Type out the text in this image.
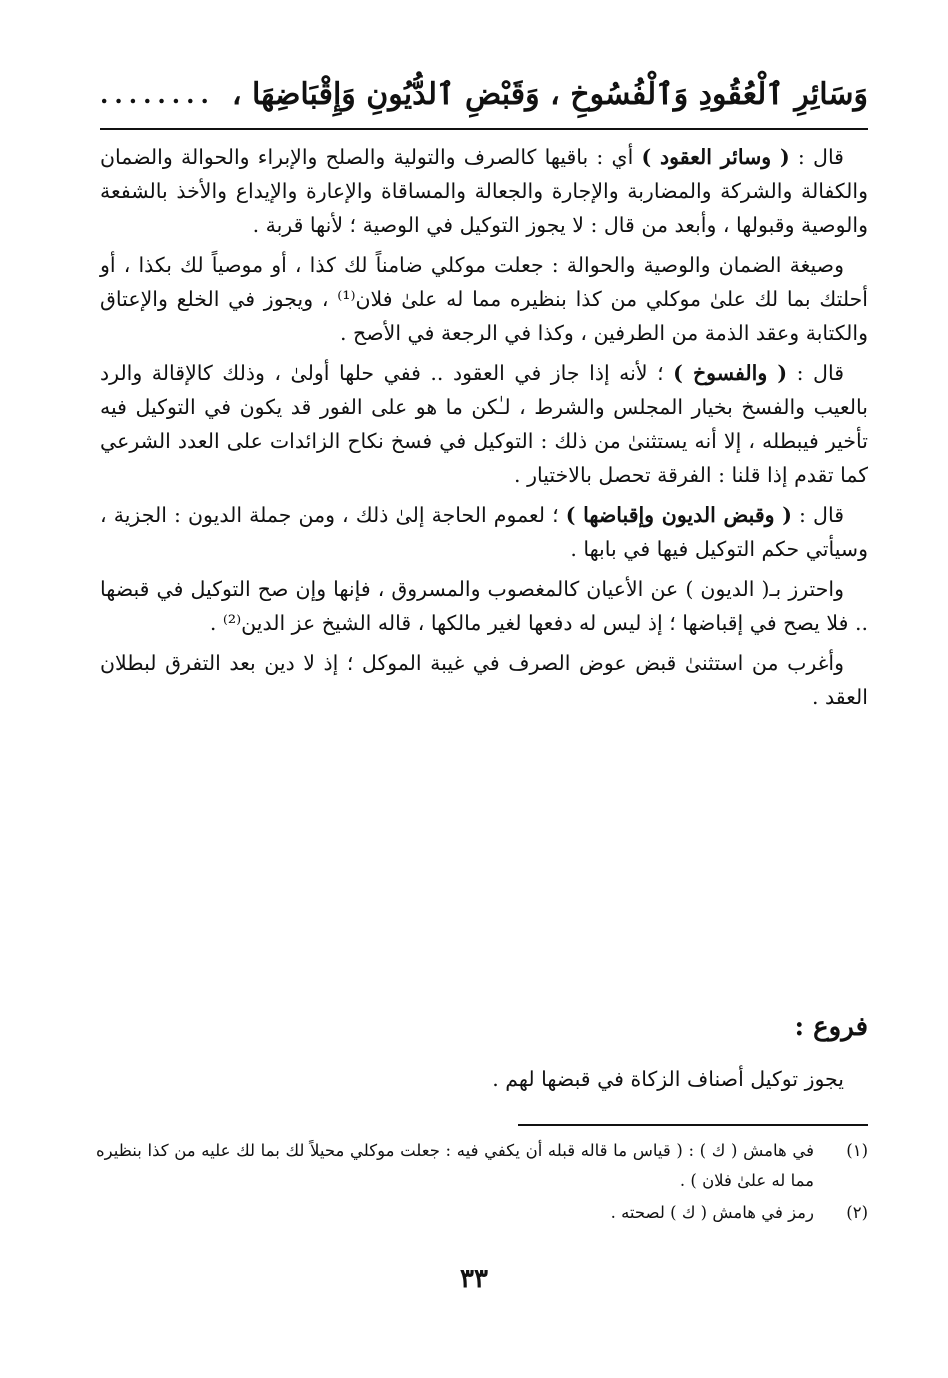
وَسَائِرِ ٱلْعُقُودِ وَٱلْفُسُوخِ ، وَقَبْضِ ٱلدُّيُونِ وَإِقْبَاضِهَا ،
........

قال : ( وسائر العقود ) أي : باقيها كالصرف والتولية والصلح والإبراء والحوالة والضمان والكفالة والشركة والمضاربة والإجارة والجعالة والمساقاة والإعارة والإيداع والأخذ بالشفعة والوصية وقبولها ، وأبعد من قال : لا يجوز التوكيل في الوصية ؛ لأنها قربة .

وصيغة الضمان والوصية والحوالة : جعلت موكلي ضامناً لك كذا ، أو موصياً لك بكذا ، أو أحلتك بما لك علىٰ موكلي من كذا بنظيره مما له علىٰ فلان⁽¹⁾ ، ويجوز في الخلع والإعتاق والكتابة وعقد الذمة من الطرفين ، وكذا في الرجعة في الأصح .

قال : ( والفسوخ ) ؛ لأنه إذا جاز في العقود .. ففي حلها أولىٰ ، وذلك كالإقالة والرد بالعيب والفسخ بخيار المجلس والشرط ، لـٰكن ما هو على الفور قد يكون في التوكيل فيه تأخير فيبطله ، إلا أنه يستثنىٰ من ذلك : التوكيل في فسخ نكاح الزائدات على العدد الشرعي كما تقدم إذا قلنا : الفرقة تحصل بالاختيار .

قال : ( وقبض الديون وإقباضها ) ؛ لعموم الحاجة إلىٰ ذلك ، ومن جملة الديون : الجزية ، وسيأتي حكم التوكيل فيها في بابها .

واحترز بـ( الديون ) عن الأعيان كالمغصوب والمسروق ، فإنها وإن صح التوكيل في قبضها .. فلا يصح في إقباضها ؛ إذ ليس له دفعها لغير مالكها ، قاله الشيخ عز الدين⁽²⁾ .

وأغرب من استثنىٰ قبض عوض الصرف في غيبة الموكل ؛ إذ لا دين بعد التفرق لبطلان العقد .

فروع :
يجوز توكيل أصناف الزكاة في قبضها لهم .
(١)
في هامش ( ك ) : ( قياس ما قاله قبله أن يكفي فيه : جعلت موكلي محيلاً لك بما لك عليه من كذا بنظيره مما له علىٰ فلان ) .
(٢)
رمز في هامش ( ك ) لصحته .
٣٣
